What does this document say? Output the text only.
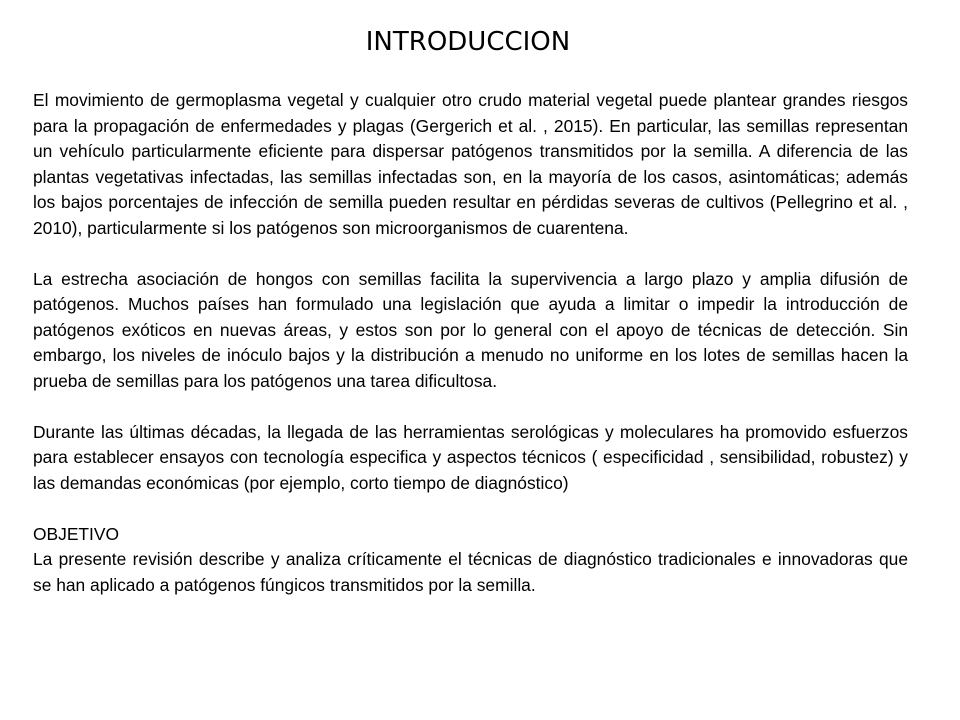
INTRODUCCION

El movimiento de germoplasma vegetal y cualquier otro crudo material vegetal puede plantear grandes riesgos para la propagación de enfermedades y plagas (Gergerich et al. , 2015). En particular, las semillas representan un vehículo particularmente eficiente para dispersar patógenos transmitidos por la semilla. A diferencia de las plantas vegetativas infectadas, las semillas infectadas son, en la mayoría de los casos, asintomáticas; además los bajos porcentajes de infección de semilla pueden resultar en pérdidas severas de cultivos (Pellegrino et al. , 2010), particularmente si los patógenos son microorganismos de cuarentena.

La estrecha asociación de hongos con semillas facilita la supervivencia a largo plazo y amplia difusión de patógenos. Muchos países han formulado una legislación que ayuda a limitar o impedir la introducción de patógenos exóticos en nuevas áreas, y estos son por lo general con el apoyo de técnicas de detección. Sin embargo, los niveles de inóculo bajos y la distribución a menudo no uniforme en los lotes de semillas hacen la prueba de semillas para los patógenos una tarea dificultosa.

Durante las últimas décadas, la llegada de las herramientas serológicas y moleculares ha promovido esfuerzos para establecer ensayos con tecnología especifica y aspectos técnicos ( especificidad , sensibilidad, robustez) y las demandas económicas (por ejemplo, corto tiempo de diagnóstico)

OBJETIVO

La presente revisión describe y analiza críticamente el técnicas de diagnóstico tradicionales e innovadoras que se han aplicado a patógenos fúngicos transmitidos por la semilla.
